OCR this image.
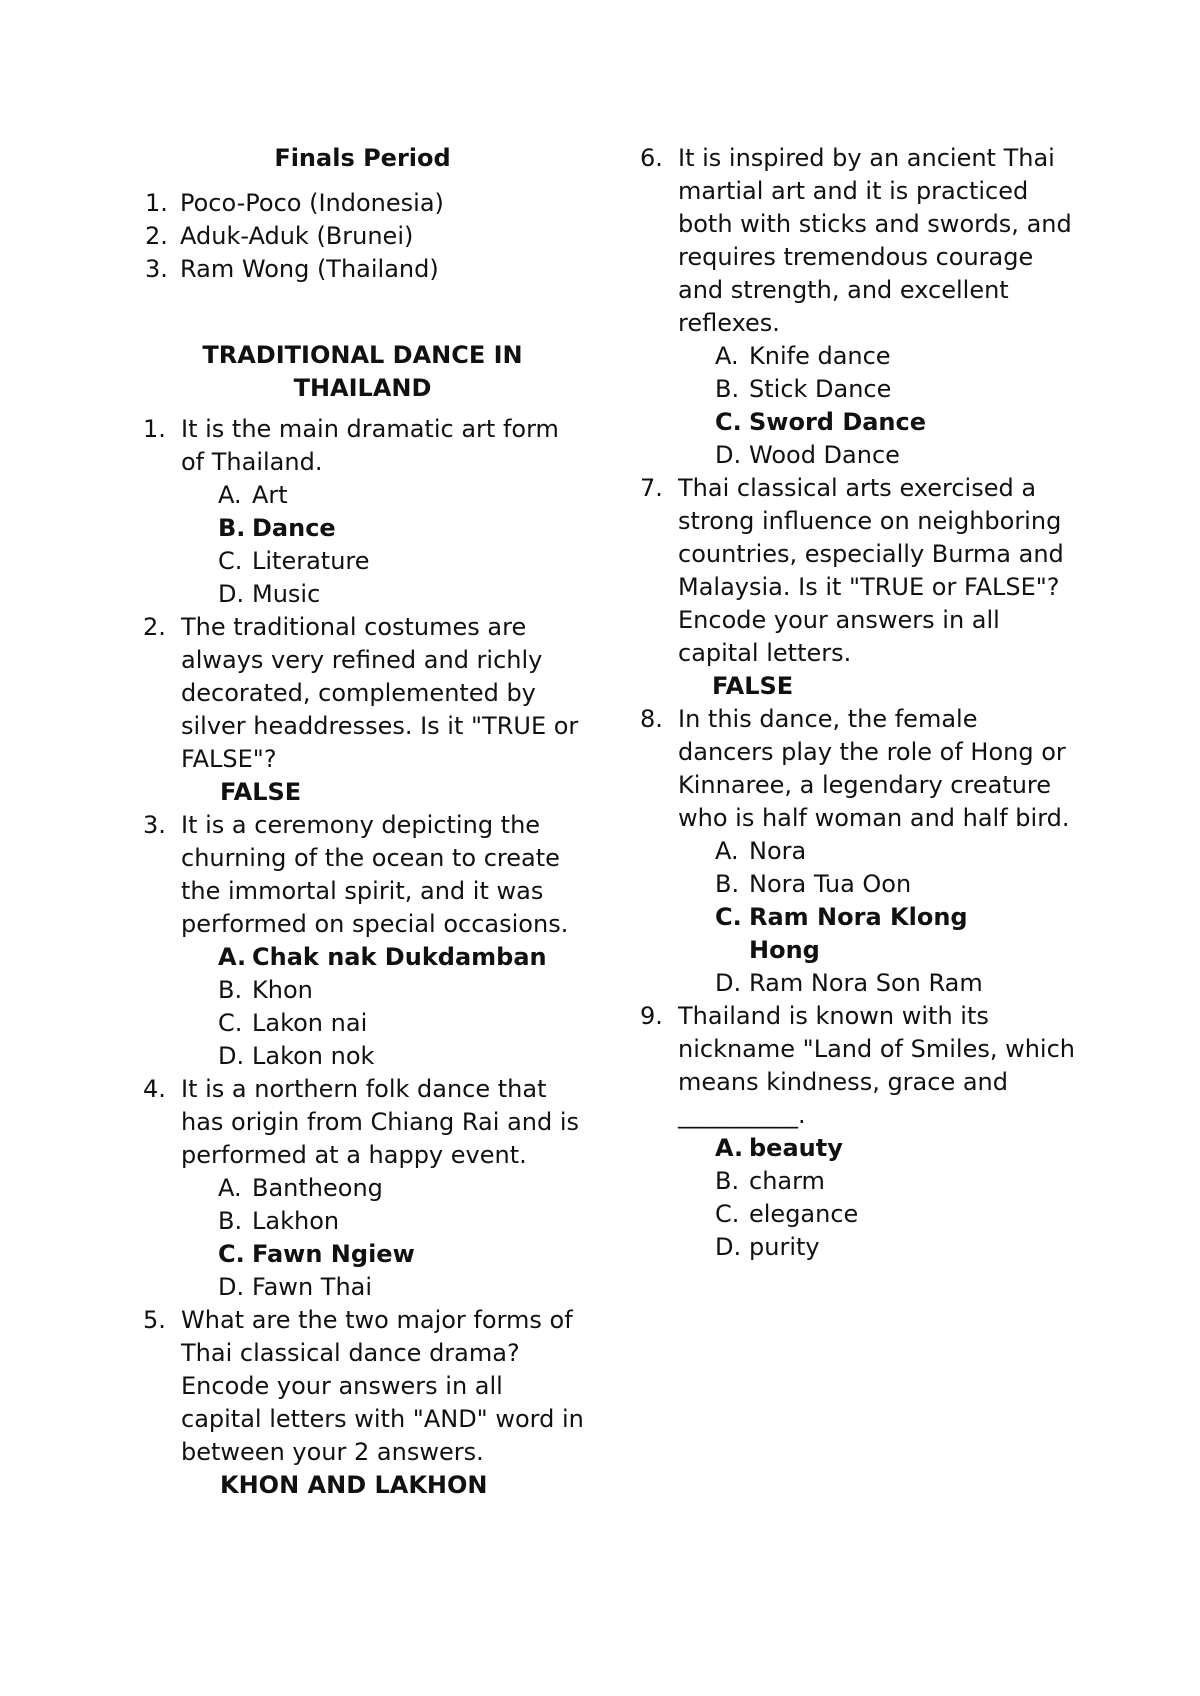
Finals Period
1. Poco-Poco (Indonesia)
2. Aduk-Aduk (Brunei)
3. Ram Wong (Thailand)
TRADITIONAL DANCE IN
THAILAND
1. It is the main dramatic art form of Thailand.
A. Art
B. Dance
C. Literature
D. Music
2. The traditional costumes are always very refined and richly decorated, complemented by silver headdresses. Is it "TRUE or FALSE"?
FALSE
3. It is a ceremony depicting the churning of the ocean to create the immortal spirit, and it was performed on special occasions.
A. Chak nak Dukdamban
B. Khon
C. Lakon nai
D. Lakon nok
4. It is a northern folk dance that has origin from Chiang Rai and is performed at a happy event.
A. Bantheong
B. Lakhon
C. Fawn Ngiew
D. Fawn Thai
5. What are the two major forms of Thai classical dance drama? Encode your answers in all capital letters with "AND" word in between your 2 answers.
KHON AND LAKHON
6. It is inspired by an ancient Thai martial art and it is practiced both with sticks and swords, and requires tremendous courage and strength, and excellent reflexes.
A. Knife dance
B. Stick Dance
C. Sword Dance
D. Wood Dance
7. Thai classical arts exercised a strong influence on neighboring countries, especially Burma and Malaysia. Is it "TRUE or FALSE"? Encode your answers in all capital letters.
FALSE
8. In this dance, the female dancers play the role of Hong or Kinnaree, a legendary creature who is half woman and half bird.
A. Nora
B. Nora Tua Oon
C. Ram Nora Klong Hong
D. Ram Nora Son Ram
9. Thailand is known with its nickname "Land of Smiles, which means kindness, grace and __________.
A. beauty
B. charm
C. elegance
D. purity
